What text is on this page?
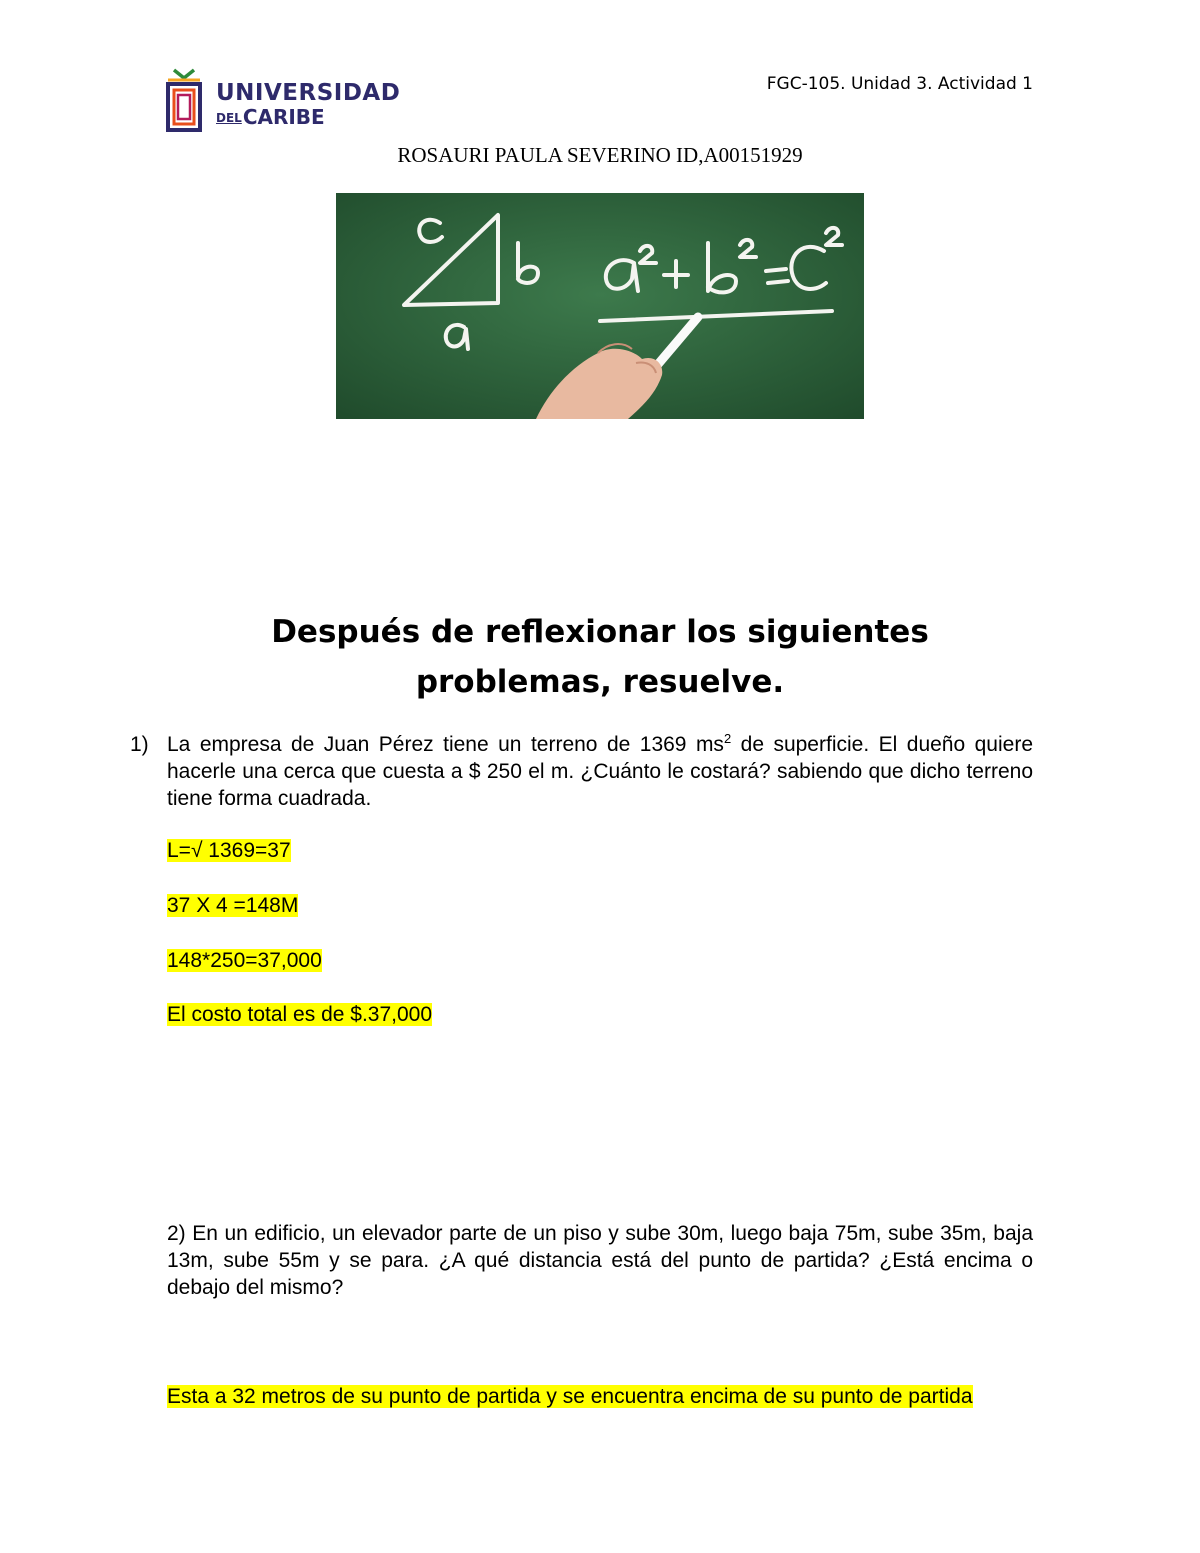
UNIVERSIDAD
DELCARIBE
FGC-105. Unidad 3. Actividad 1
ROSAURI PAULA SEVERINO ID,A00151929
Después de reflexionar los siguientes
problemas, resuelve.
1) La empresa de Juan Pérez tiene un terreno de 1369 $ms^2$ de superficie. El dueño quiere hacerle una cerca que cuesta a $ 250 el m. ¿Cuánto le costará? sabiendo que dicho terreno tiene forma cuadrada.
L=√ 1369=37
37 X 4 =148M
148*250=37,000
El costo total es de $.37,000
2) En un edificio, un elevador parte de un piso y sube 30m, luego baja 75m, sube 35m, baja 13m, sube 55m y se para. ¿A qué distancia está del punto de partida? ¿Está encima o debajo del mismo?
Esta a 32 metros de su punto de partida y se encuentra encima de su punto de partida
